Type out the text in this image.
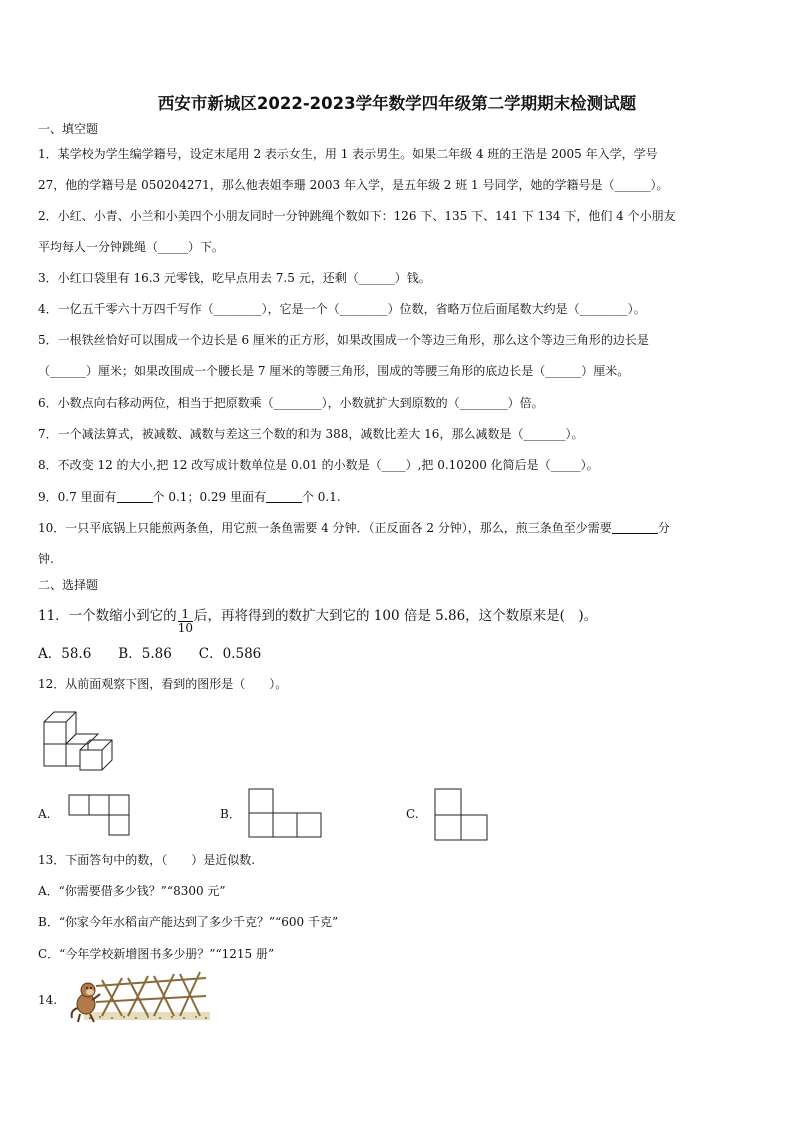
西安市新城区2022-2023学年数学四年级第二学期期末检测试题
一、填空题
1．某学校为学生编学籍号，设定末尾用 2 表示女生，用 1 表示男生。如果二年级 4 班的王浩是 2005 年入学，学号
27，他的学籍号是 050204271，那么他表姐李珊 2003 年入学，是五年级 2 班 1 号同学，她的学籍号是（______）。
2．小红、小青、小兰和小美四个小朋友同时一分钟跳绳个数如下：126 下、135 下、141 下 134 下，他们 4 个小朋友
平均每人一分钟跳绳（_____）下。
3．小红口袋里有 16.3 元零钱，吃早点用去 7.5 元，还剩（______）钱。
4．一亿五千零六十万四千写作（________），它是一个（________）位数，省略万位后面尾数大约是（________）。
5．一根铁丝恰好可以围成一个边长是 6 厘米的正方形，如果改围成一个等边三角形，那么这个等边三角形的边长是
（______）厘米；如果改围成一个腰长是 7 厘米的等腰三角形，围成的等腰三角形的底边长是（______）厘米。
6．小数点向右移动两位，相当于把原数乘（________），小数就扩大到原数的（________）倍。
7．一个减法算式，被减数、减数与差这三个数的和为 388，减数比差大 16，那么减数是（_______）。
8．不改变 12 的大小,把 12 改写成计数单位是 0.01 的小数是（____）,把 0.10200 化简后是（_____）。
9．0.7 里面有	个 0.1；0.29 里面有	个 0.1.
10．一只平底锅上只能煎两条鱼，用它煎一条鱼需要 4 分钟．（正反面各 2 分钟），那么，煎三条鱼至少需要	分
钟.
二、选择题
11．一个数缩小到它的 $\frac{1}{10}$ 后，再将得到的数扩大到它的 100 倍是 5.86，这个数原来是(　)。
A．58.6　　B．5.86　　C．0.586
12．从前面观察下图，看到的图形是（　　）。
A.	B．	C.
13．下面答句中的数，（　　）是近似数.
A．“你需要借多少钱？”“8300 元”
B．“你家今年水稻亩产能达到了多少千克？”“600 千克”
C．“今年学校新增图书多少册？”“1215 册”
14.
